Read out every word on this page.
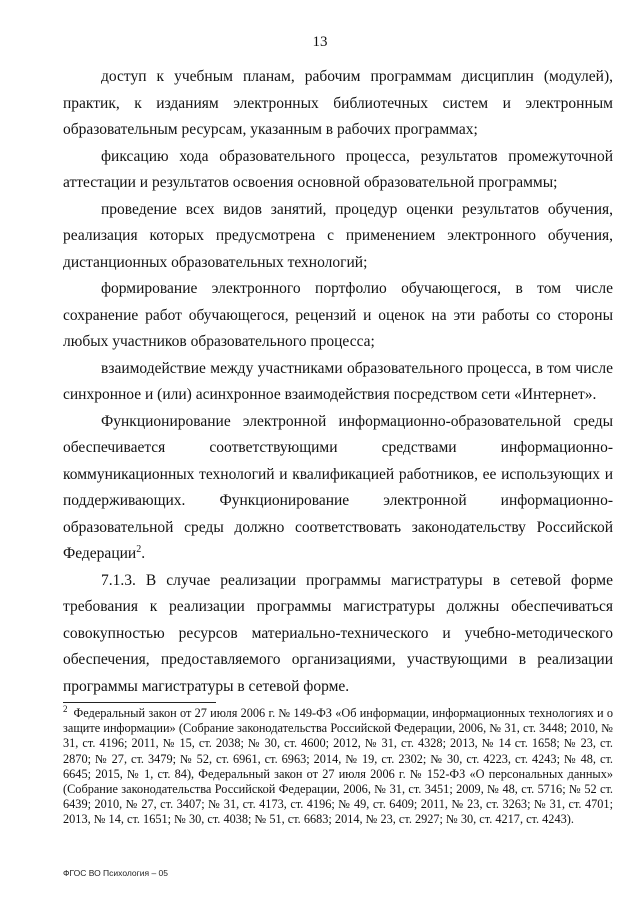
13

доступ к учебным планам, рабочим программам дисциплин (модулей), практик, к изданиям электронных библиотечных систем и электронным образовательным ресурсам, указанным в рабочих программах;

фиксацию хода образовательного процесса, результатов промежуточной аттестации и результатов освоения основной образовательной программы;

проведение всех видов занятий, процедур оценки результатов обучения, реализация которых предусмотрена с применением электронного обучения, дистанционных образовательных технологий;

формирование электронного портфолио обучающегося, в том числе сохранение работ обучающегося, рецензий и оценок на эти работы со стороны любых участников образовательного процесса;

взаимодействие между участниками образовательного процесса, в том числе синхронное и (или) асинхронное взаимодействия посредством сети «Интернет».

Функционирование электронной информационно-образовательной среды обеспечивается соответствующими средствами информационно-коммуникационных технологий и квалификацией работников, ее использующих и поддерживающих. Функционирование электронной информационно-образовательной среды должно соответствовать законодательству Российской Федерации$^2$.

7.1.3. В случае реализации программы магистратуры в сетевой форме требования к реализации программы магистратуры должны обеспечиваться совокупностью ресурсов материально-технического и учебно-методического обеспечения, предоставляемого организациями, участвующими в реализации программы магистратуры в сетевой форме.

$^2$ Федеральный закон от 27 июля 2006 г. № 149-ФЗ «Об информации, информационных технологиях и о защите информации» (Собрание законодательства Российской Федерации, 2006, № 31, ст. 3448; 2010, № 31, ст. 4196; 2011, № 15, ст. 2038; № 30, ст. 4600; 2012, № 31, ст. 4328; 2013, № 14 ст. 1658; № 23, ст. 2870; № 27, ст. 3479; № 52, ст. 6961, ст. 6963; 2014, № 19, ст. 2302; № 30, ст. 4223, ст. 4243; № 48, ст. 6645; 2015, № 1, ст. 84), Федеральный закон от 27 июля 2006 г. № 152-ФЗ «О персональных данных» (Собрание законодательства Российской Федерации, 2006, № 31, ст. 3451; 2009, № 48, ст. 5716; № 52 ст. 6439; 2010, № 27, ст. 3407; № 31, ст. 4173, ст. 4196; № 49, ст. 6409; 2011, № 23, ст. 3263; № 31, ст. 4701; 2013, № 14, ст. 1651; № 30, ст. 4038; № 51, ст. 6683; 2014, № 23, ст. 2927; № 30, ст. 4217, ст. 4243).

ФГОС ВО Психология – 05
